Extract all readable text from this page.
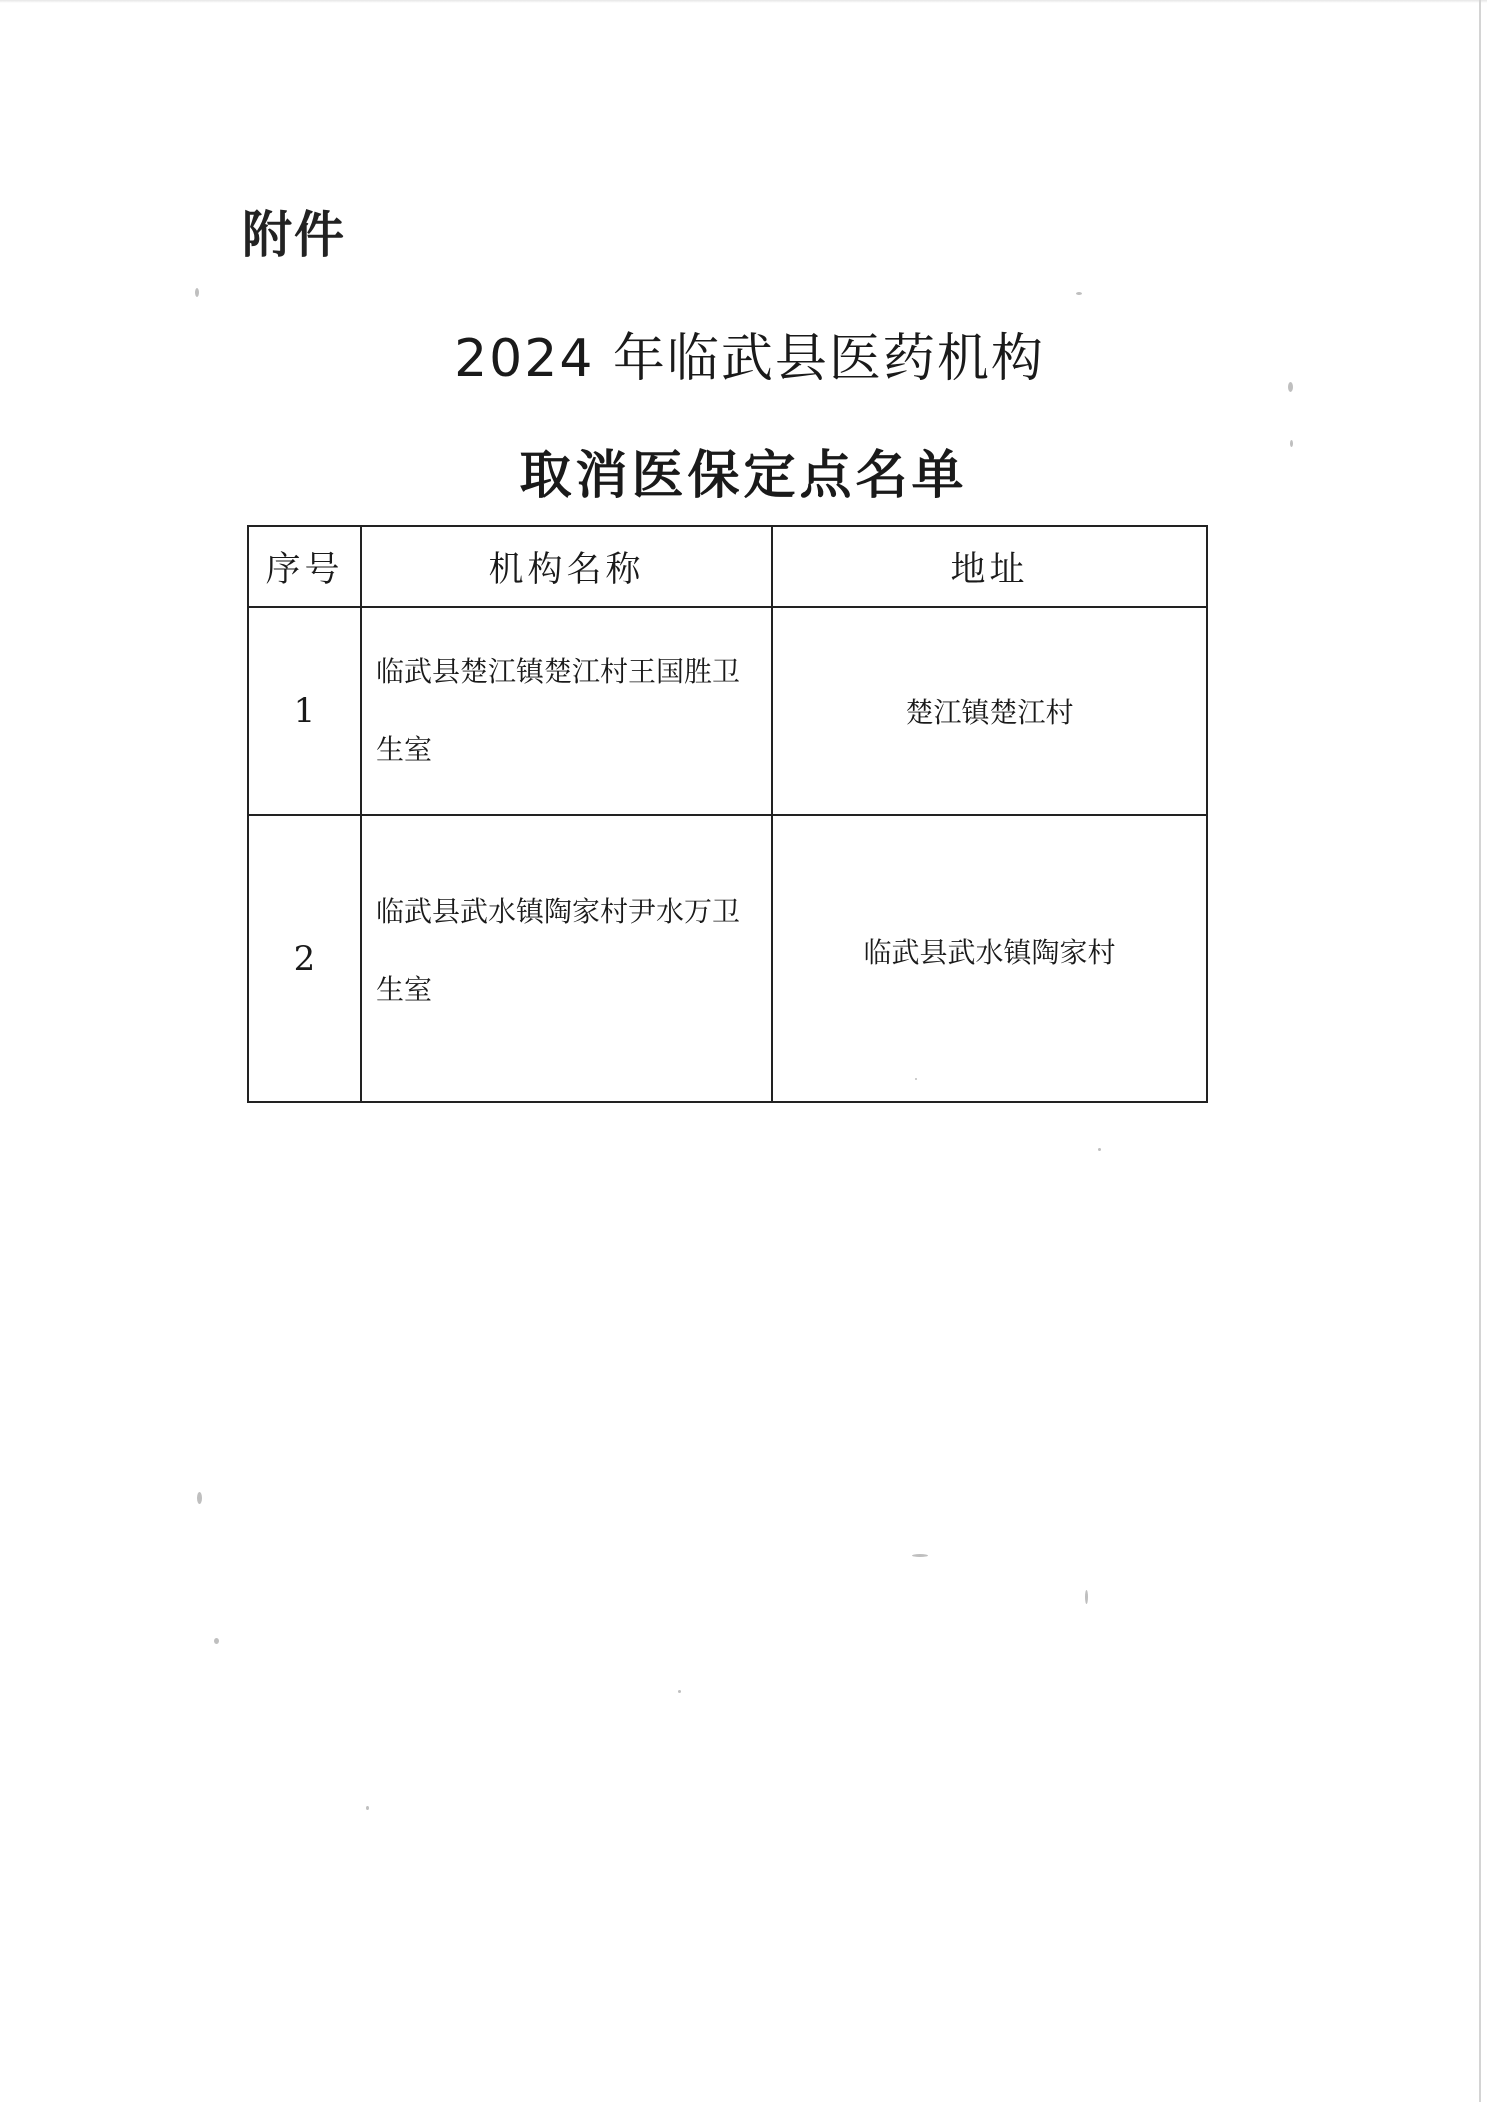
附件
2024 年临武县医药机构
取消医保定点名单
序号	机构名称	地址
1	临武县楚江镇楚江村王国胜卫生室	楚江镇楚江村
2	临武县武水镇陶家村尹水万卫生室	临武县武水镇陶家村
